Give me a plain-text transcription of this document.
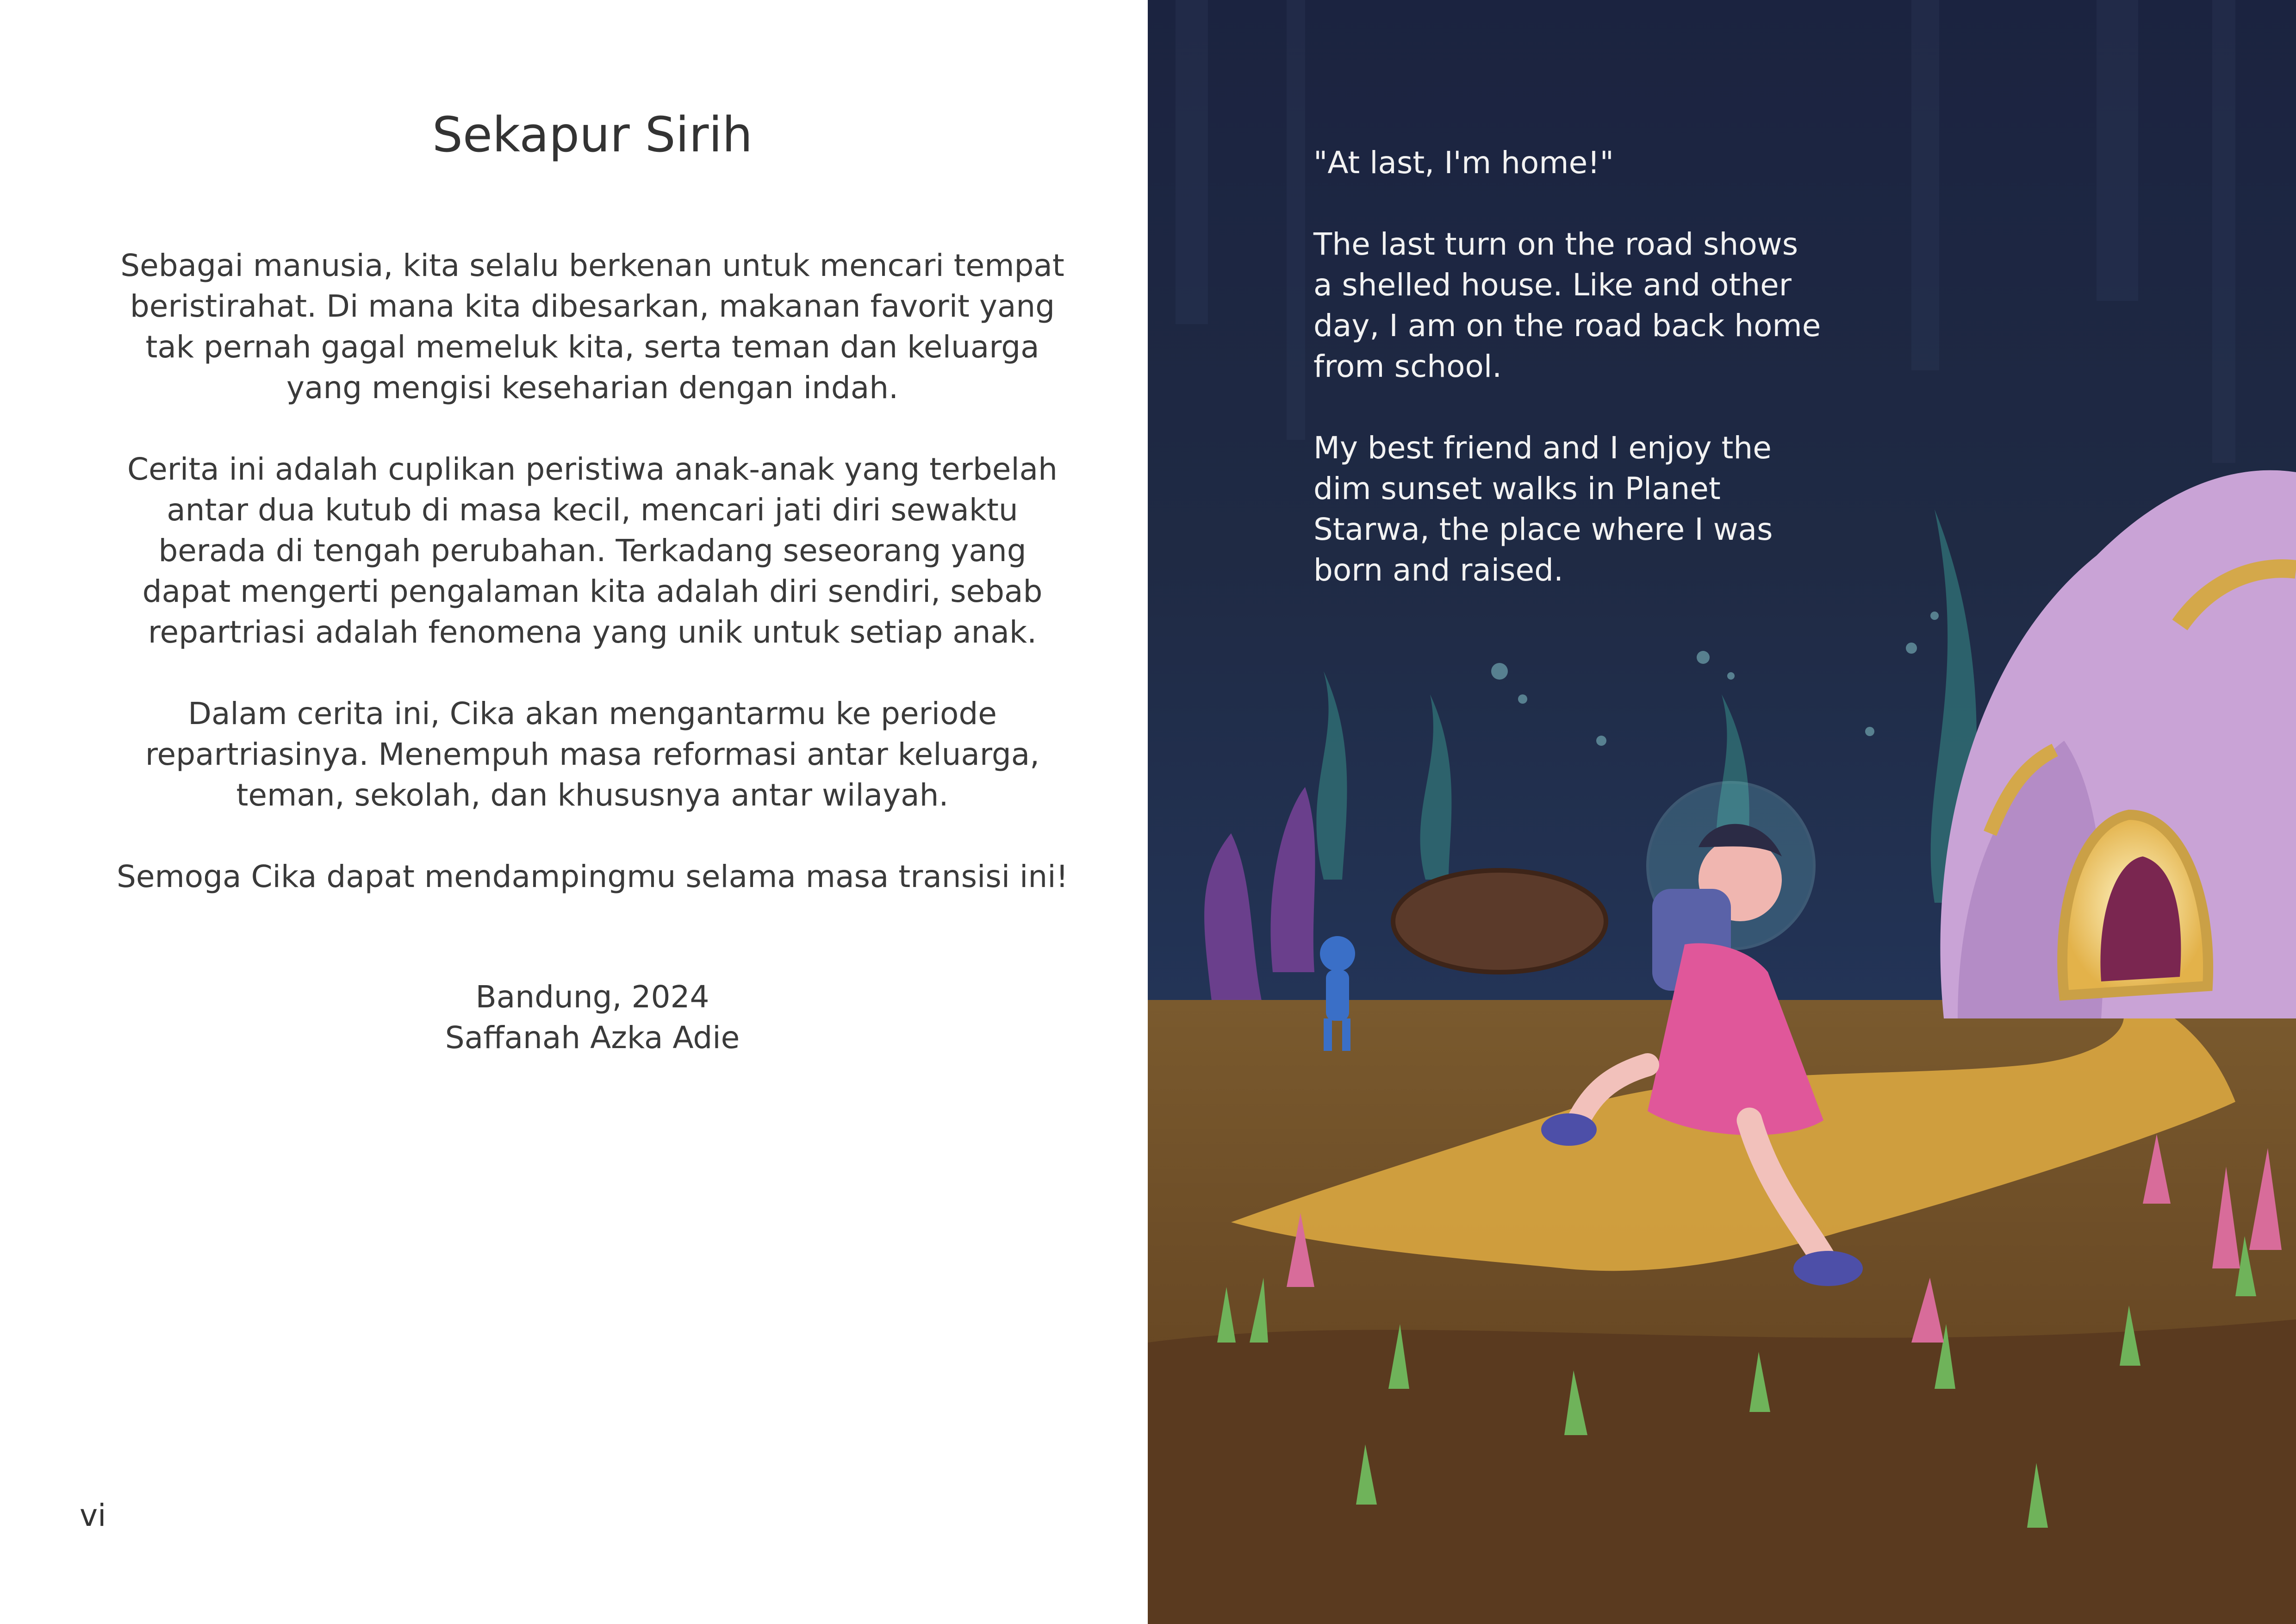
Sekapur Sirih

Sebagai manusia, kita selalu berkenan untuk mencari tempat beristirahat. Di mana kita dibesarkan, makanan favorit yang tak pernah gagal memeluk kita, serta teman dan keluarga yang mengisi keseharian dengan indah.

Cerita ini adalah cuplikan peristiwa anak-anak yang terbelah antar dua kutub di masa kecil, mencari jati diri sewaktu berada di tengah perubahan. Terkadang seseorang yang dapat mengerti pengalaman kita adalah diri sendiri, sebab repartriasi adalah fenomena yang unik untuk setiap anak.

Dalam cerita ini, Cika akan mengantarmu ke periode repartriasinya. Menempuh masa reformasi antar keluarga, teman, sekolah, dan khususnya antar wilayah.

Semoga Cika dapat mendampingmu selama masa transisi ini!

Bandung, 2024
Saffanah Azka Adie
vi

"At last, I'm home!"

The last turn on the road shows a shelled house. Like and other day, I am on the road back home from school.

My best friend and I enjoy the dim sunset walks in Planet Starwa, the place where I was born and raised.
